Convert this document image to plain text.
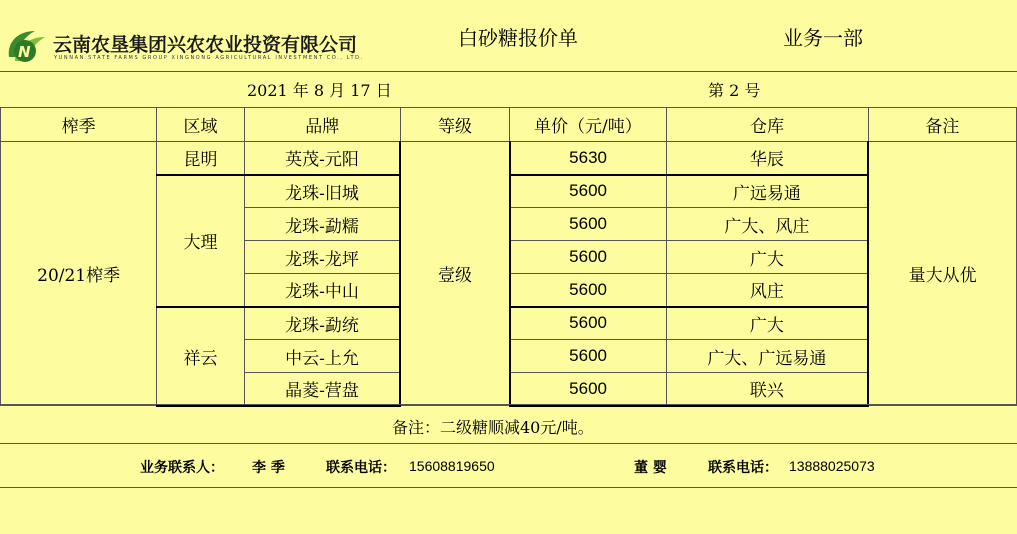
N 云南农垦集团兴农农业投资有限公司
YUNNAN STATE FARMS GROUP XINGNONG AGRICULTURAL INVESTMENT CO., LTD.
白砂糖报价单	业务一部
2021 年 8 月 17 日	第 2 号
榨季	区域	品牌	等级	单价（元/吨）	仓库	备注
20/21榨季	昆明	英茂-元阳	壹级	5630	华辰	量大从优
	大理	龙珠-旧城		5600	广远易通	
		龙珠-勐糯		5600	广大、风庄	
		龙珠-龙坪		5600	广大	
		龙珠-中山		5600	风庄	
	祥云	龙珠-勐统		5600	广大	
		中云-上允		5600	广大、广远易通	
		晶菱-营盘		5600	联兴	
备注：二级糖顺减40元/吨。
业务联系人： 李 季	联系电话： 15608819650	董 婴	联系电话： 13888025073
